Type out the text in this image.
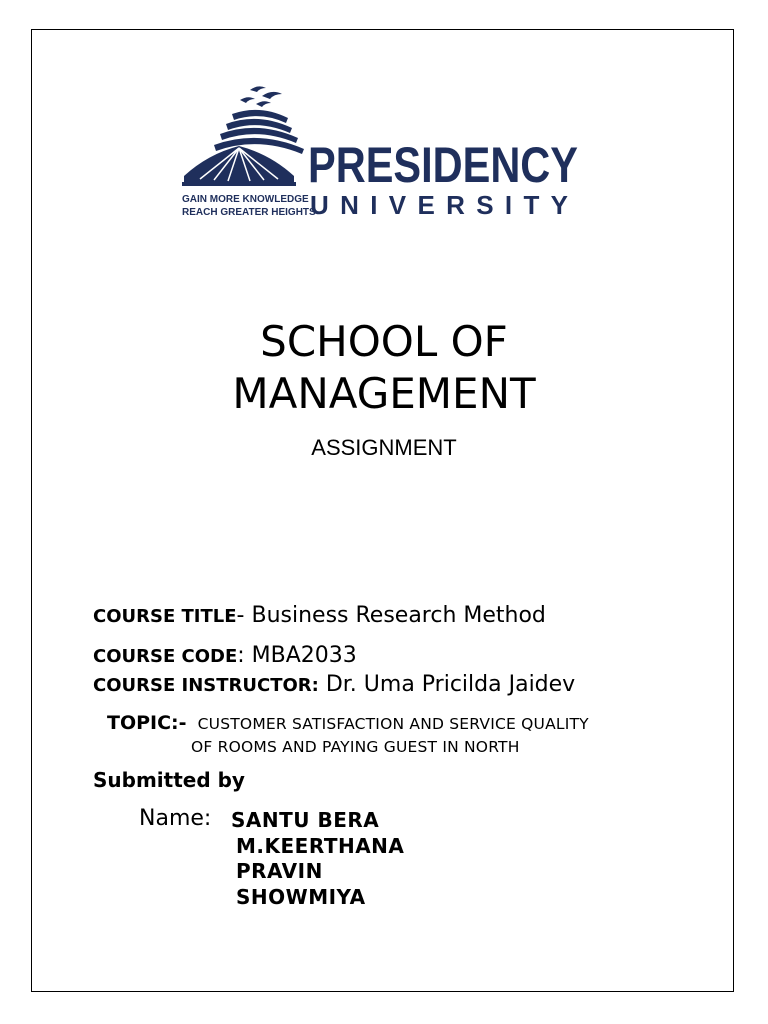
GAIN MORE KNOWLEDGE
REACH GREATER HEIGHTS
PRESIDENCY
UNIVERSITY
SCHOOL OF
MANAGEMENT
ASSIGNMENT
COURSE TITLE- Business Research Method
COURSE CODE: MBA2033
COURSE INSTRUCTOR: Dr. Uma Pricilda Jaidev
TOPIC:- CUSTOMER SATISFACTION AND SERVICE QUALITY
OF ROOMS AND PAYING GUEST IN NORTH
Submitted by
Name: SANTU BERA
M.KEERTHANA
PRAVIN
SHOWMIYA
